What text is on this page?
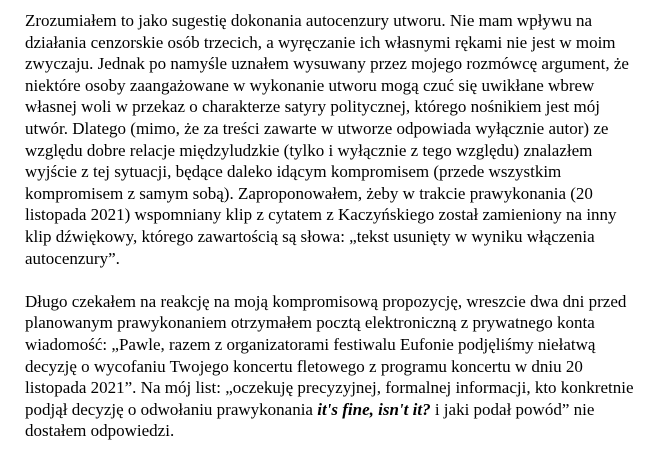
Zrozumiałem to jako sugestię dokonania autocenzury utworu. Nie mam wpływu na działania cenzorskie osób trzecich, a wyręczanie ich własnymi rękami nie jest w moim zwyczaju. Jednak po namyśle uznałem wysuwany przez mojego rozmówcę argument, że niektóre osoby zaangażowane w wykonanie utworu mogą czuć się uwikłane wbrew własnej woli w przekaz o charakterze satyry politycznej, którego nośnikiem jest mój utwór. Dlatego (mimo, że za treści zawarte w utworze odpowiada wyłącznie autor) ze względu dobre relacje międzyludzkie (tylko i wyłącznie z tego względu) znalazłem wyjście z tej sytuacji, będące daleko idącym kompromisem (przede wszystkim kompromisem z samym sobą). Zaproponowałem, żeby w trakcie prawykonania (20 listopada 2021) wspomniany klip z cytatem z Kaczyńskiego został zamieniony na inny klip dźwiękowy, którego zawartością są słowa: „tekst usunięty w wyniku włączenia autocenzury”.

Długo czekałem na reakcję na moją kompromisową propozycję, wreszcie dwa dni przed planowanym prawykonaniem otrzymałem pocztą elektroniczną z prywatnego konta wiadomość: „Pawle, razem z organizatorami festiwalu Eufonie podjęliśmy niełatwą decyzję o wycofaniu Twojego koncertu fletowego z programu koncertu w dniu 20 listopada 2021”. Na mój list: „oczekuję precyzyjnej, formalnej informacji, kto konkretnie podjął decyzję o odwołaniu prawykonania it's fine, isn't it? i jaki podał powód” nie dostałem odpowiedzi.
